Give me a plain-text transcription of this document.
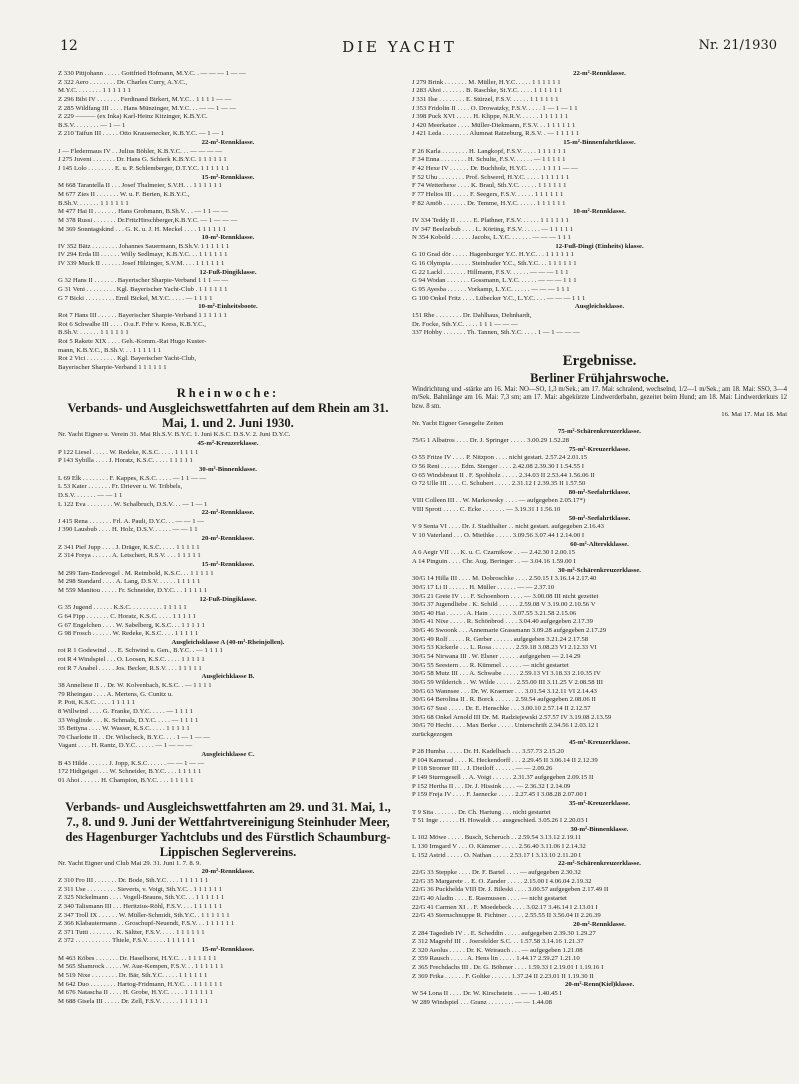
12	DIE YACHT	Nr. 21/1930
Z 330 Pittjohann . . . . . Gottfried Hofmann, M.Y.C. . — — — 1 — —
Z 322 Aero . . . . . . . . Dr. Charles Curry, A.Y.C.,
M.Y.C. . . . . . . . 1 1 1 1 1 1
Z 296 Bibi IV . . . . . . . Ferdinand Birkert, M.Y.C. . 1 1 1 1 — —
Z 285 Wildfang III . . . . Hans Münzinger, M.Y.C. . . — — 1 — —
Z 229 ——— (ex Inka) Karl-Heinz Kitzinger, K.B.Y.C.
B.S.V. . . . . . . . — 1 — 1
Z 210 Taifun III . . . . . Otto Krausenecker, K.B.Y.C. — 1 — 1
22-m²-Rennklasse.
J — Fledermaus IV . . Julius Böhler, K.B.Y.C. . . — — — —
J 275 Juveni . . . . . . . Dr. Hans G. Schierk K.B.Y.C. 1 1 1 1 1 1
J 145 Lolo . . . . . . . . E. u. P. Schlemberger, D.T.Y.C. 1 1 1 1 1 1
15-m²-Rennklasse.
M 668 Tarantella II . . . Josef Thalmeier, S.V.H. . . 1 1 1 1 1 1
M 677 Zies II . . . . . . . W. u. F. Berten, K.B.Y.C.,
B.Sh.V. . . . . . . 1 1 1 1 1 1
M 477 Hai II . . . . . . . Hans Grohmann, B.Sh.V. . . — 1 1 — —
M 378 Russi . . . . . . . Dr.FritzHirschberger,K.B.Y.C. — 1 — — —
M 369 Sonntagskind . . . G. K. u. J. H. Meckel . . . . 1 1 1 1 1 1
10-m²-Rennklasse.
IV 352 Bätz . . . . . . . . Johannes Sauermann, B.Sh.V. 1 1 1 1 1 1
IV 294 Erda III . . . . . . Willy Sedlmayr, K.B.Y.C. . . 1 1 1 1 1 1
IV 339 Muck II . . . . . . Josef Hilzinger, S.V.M. . . . 1 1 1 1 1 1
12-Fuß-Dingiklasse.
G 32 Hans II . . . . . . . Bayerischer Sharpie-Verband 1 1 1 — —
G 31 Veni . . . . . . . . . Kgl. Bayerischer Yacht-Club . 1 1 1 1 1 1
G 7 Bicki . . . . . . . . . Emil Bickel, M.Y.C. . . . . — 1 1 1 1
10-m²-Einheitsboote.
Rot 7 Hans III . . . . . . Bayerischer Sharpie-Verband 1 1 1 1 1 1
Rot 6 Schwalbe III . . . . O.u.F. Frhr v. Kress, K.B.Y.C.,
B.Sh.V. . . . . . . 1 1 1 1 1 1
Rot 5 Rakete XIX . . . . Geh.-Komm.-Rat Hugo Kuster-
mann, K.B.Y.C., B.Sh.V. . . 1 1 1 1 1 1
Rot 2 Vici . . . . . . . . . Kgl. Bayerischer Yacht-Club,
Bayerischer Sharpie-Verband 1 1 1 1 1 1
Rheinwoche:
Verbands- und Ausgleichswettfahrten auf dem Rhein am 31. Mai, 1. und 2. Juni 1930.
Nr. Yacht Eigner u. Verein 31. Mai Rh.S.V. B.Y.C. 1. Juni K.S.C. D.S.V. 2. Juni D.Y.C.
45-m²-Kreuzerklasse.
P 122 Liesel . . . . . W. Redeke, K.S.C. . . . . 1 1 1 1 1
P 143 Sybilla . . . . J. Horatz, K.S.C. . . . . 1 1 1 1 1
30-m²-Binnenklasse.
L 69 Elk . . . . . . . . F. Kappes, K.S.C. . . . . — 1 1 — —
L 53 Kater . . . . . . . Fr. Driever u. W. Tribbels,
D.S.V. . . . . . . — — 1 1
L 122 Eva . . . . . . . . W. Schalbruch, D.S.V. . . — 1 — 1
22-m²-Rennklasse.
J 415 Rena . . . . . . . Frl. A. Pauli, D.Y.C. . . — — 1 —
J 390 Lausbub . . . . H. Holz, D.S.V. . . . . . — — 1 1
20-m²-Rennklasse.
Z 341 Pief Jupp . . . . J. Dräger, K.S.C. . . . . 1 1 1 1 1
Z 314 Freya . . . . . . A. Letschert, R.S.V. . . . 1 1 1 1 1
15-m²-Rennklasse.
M 299 Tam-Endevogel . M. Reimbold, K.S.C. . . 1 1 1 1 1
M 298 Standard . . . . A. Lang, D.S.V. . . . . . 1 1 1 1 1
M 559 Manitou . . . . . Fr. Schneider, D.Y.C. . . 1 1 1 1 1
12-Fuß-Dingiklasse.
G 35 Jugend . . . . . . K.S.C. . . . . . . . . . 1 1 1 1 1
G 64 Fipp . . . . . . . C. Horatz, K.S.C. . . . . 1 1 1 1 1
G 67 Engelchen . . . . W. Sabelberg, K.S.C. . . 1 1 1 1 1
G 98 Frosch . . . . . . W. Redeke, K.S.C. . . . 1 1 1 1 1
Ausgleichsklasse A (40-m²-Rheinjollen).
rot R 1 Godewind . . . E. Schwind u. Gen., B.Y.C. . — 1 1 1 1
rot R 4 Windspiel . . . O. Loosen, K.S.C. . . . . 1 1 1 1 1
rot R 7 Anabel . . . . . Jos. Becker, R.S.V. . . . 1 1 1 1 1
Ausgleichklasse B.
38 Anneliese II . . Dr. W. Kolvenbach, K.S.C. . — 1 1 1 1
79 Rheingau . . . . A. Mertens, G. Cunitz u.
P. Pott, K.S.C. . . . . 1 1 1 1 1
8 Willwind . . . . G. Franke, D.Y.C. . . . . — 1 1 1 1
33 Woglinde . . . K. Schmalz, D.Y.C. . . . . — 1 1 1 1
35 Bettyna . . . . W. Wasser, K.S.C. . . . . 1 1 1 1 1
70 Charlotte II . . Dr. Wilscheck, B.Y.C. . . . 1 — 1 — —
Vagant . . . . H. Rantz, D.Y.C. . . . . . — 1 — — —
Ausgleichklasse C.
B 43 Hilde . . . . . . J. Jopp, K.S.C. . . . . . — — 1 — —
172 Hidigeigei . . . W. Schneider, B.Y.C. . . . 1 1 1 1 1
01 Ahoi . . . . . . H. Champion, B.Y.C. . . . 1 1 1 1 1
Verbands- und Ausgleichswettfahrten am 29. und 31. Mai, 1., 7., 8. und 9. Juni der Wettfahrtvereinigung Steinhuder Meer, des Hagenburger Yachtclubs und des Fürstlich Schaumburg-Lippischen Seglervereins.
Nr. Yacht Eigner und Club Mai 29. 31. Juni 1. 7. 8. 9.
20-m²-Rennklasse.
Z 310 Fro III . . . . . . . Dr. Bode, Sth.Y.C. . . . 1 1 1 1 1 1
Z 311 Use . . . . . . . . . Sieverts, v. Voigt, Sth.Y.C. . 1 1 1 1 1 1
Z 325 Nickelmann . . . . Vogell-Brauns, Sth.Y.C. . . 1 1 1 1 1 1
Z 340 Talismann III . . . Heritzius-Röhl, F.S.V. . . . 1 1 1 1 1 1
Z 347 Troll IX . . . . . . W. Müller-Schmidt, Sth.Y.C. . 1 1 1 1 1 1
Z 366 Klabautermann . . Groschupf-Neuendt, F.S.V. . . 1 1 1 1 1 1
Z 371 Tutti . . . . . . . . K. Sältter, F.S.V. . . . . 1 1 1 1 1 1
Z 372 . . . . . . . . . . . Thiele, F.S.V. . . . . . 1 1 1 1 1 1
15-m²-Rennklasse.
M 463 Köbes . . . . . . . Dr. Haselhorst, H.Y.C. . . 1 1 1 1 1 1
M 565 Shamrock . . . . . W. Aue-Kempen, F.S.V. . . 1 1 1 1 1 1
M 519 Nixe . . . . . . . . Dr. Bär, Sth.Y.C. . . . . 1 1 1 1 1 1
M 642 Duo . . . . . . . . Hartog-Fridmann, H.Y.C. . . 1 1 1 1 1 1
M 676 Natascha II . . . . H. Grobe, H.Y.C. . . . . 1 1 1 1 1 1
M 688 Gisela III . . . . . Dr. Zell, F.S.V. . . . . . 1 1 1 1 1 1
22-m²-Rennklasse.
J 279 Brink . . . . . . . M. Müller, H.Y.C. . . . . 1 1 1 1 1 1
J 283 Ahoi . . . . . . . B. Raschke, St.Y.C. . . . . 1 1 1 1 1 1
J 331 Ilse . . . . . . . . E. Stürzel, F.S.V. . . . . . 1 1 1 1 1 1
J 353 Fridolin II . . . . O. Drowatzky, F.S.V. . . . . 1 — 1 — 1 1
J 398 Puck XVI . . . . . H. Klippe, N.R.V. . . . . . 1 1 1 1 1 1
J 420 Meerkatze . . . . Müller-Diekmann, F.S.V. . . 1 1 1 1 1 1
J 421 Leda . . . . . . . . Alumnat Ratzeburg, R.S.V. . — 1 1 1 1 1
15-m²-Binnenfahrtklasse.
F 26 Karla . . . . . . . . H. Langkopf, F.S.V. . . . . 1 1 1 1 1 1
F 34 Enna . . . . . . . . H. Schulte, F.S.V. . . . . . — 1 1 1 1 1
F 42 Hexe IV . . . . . . Dr. Buchholz, H.Y.C. . . . . 1 1 1 1 — —
F 52 Uhu . . . . . . . . Prof. Schwerd, H.Y.C. . . . . 1 1 1 1 1 1
F 74 Wetterhexe . . . . K. Braul, Sth.Y.C. . . . . . 1 1 1 1 1 1
F 77 Helios III . . . . . F. Seegers, F.S.V. . . . . . 1 1 1 1 1 1
F 82 Amöb . . . . . . . Dr. Temme, H.Y.C. . . . . . 1 1 1 1 1 1
10-m²-Rennklasse.
IV 334 Teddy II . . . . . E. Plathner, F.S.V. . . . . . 1 1 1 1 1 1
IV 347 Beelzebub . . . . L. Körting, F.S.V. . . . . . — 1 1 1 1 1
N 354 Kobold . . . . . . Jacobs, L.Y.C. . . . . . . — — — 1 1 1
12-Fuß-Dingi (Einheits) klasse.
G 10 Grad dör . . . . . Hagenburger Y.C. H.Y.C. . . 1 1 1 1 1 1
G 16 Olympia . . . . . . Steinhuder Y.C., Sth.Y.C. . . 1 1 1 1 1 1
G 22 Lackl . . . . . . . Hillmann, F.S.V. . . . . . — — — 1 1 1
G 94 Wodan . . . . . . . Gossmann, L.Y.C. . . . . . — — — 1 1 1
G 95 Ayesba . . . . . . Vorkamp, L.Y.C. . . . . . — — — 1 1 1
G 100 Onkel Fritz . . . . Lübecker Y.C., L.Y.C. . . . — — — 1 1 1
Ausgleichsklasse.
151 Rhe . . . . . . . . Dr. Dahlhaus, Dehnhardt,
Dr. Focke, Sth.Y.C. . . . . 1 1 1 — — —
337 Hobby . . . . . . . Th. Tannen, Sth.Y.C. . . . . 1 — 1 — — —
Ergebnisse.
Berliner Frühjahrswoche.
Windrichtung und -stärke am 16. Mai: NO—SO, 1,3 m/Sek.; am 17. Mai: schralend, wechselnd, 1/2—1 m/Sek.; am 18. Mai: SSO, 3—4 m/Sek. Bahnlänge am 16. Mai: 7,3 sm; am 17. Mai: abgekürzte Lindwerderbahn, gezeitet beim Hund; am 18. Mai: Lindwerderkurs 12 bzw. 8 sm.
16. Mai 17. Mai 18. Mai
Nr. Yacht Eigner Gesegelte Zeiten
75-m²-Schärenkreuzerklasse.
75/G 1 Albatros . . . . Dr. J. Springer . . . . . 3.00.29 1.52.28
75-m²-Kreuzerklasse.
O 55 Fritze IV . . . . P. Nitzpon . . . . nicht gestart. 2.57.24 2.01.15
O 56 Reni . . . . . . Edm. Stenger . . . . 2.42.08 2.39.30 I 1.54.55 I
O 65 Windsbraut II . F. Spohholz . . . . . 2.34.03 II 2.53.44 1.56.06 II
O 72 Ulle III . . . . C. Schubert . . . . . 2.31.12 I 2.39.35 II 1.57.50
80-m²-Seefahrtklasse.
VIII Colleen III . . W. Markowsky . . . . — aufgegeben 2.05.17*)
VIII Sprott . . . . . C. Ecke . . . . . . . — 3.19.31 I 1.56.10
50-m²-Seefahrtklasse.
V 9 Senta VI . . . . Dr. J. Stadthalter . . nicht gestart. aufgegeben 2.16.43
V 10 Vaterland . . . O. Miethke . . . . . 3.09.56 3.07.44 I 2.14.00 I
60-m²-Alterskklasse.
A 6 Aegir VII . . . K. u. C. Czarnikow . . — 2.42.30 I 2.00.15
A 14 Pinguin . . . . Chr. Aug. Beringer . . — 3.04.16 1.59.00 I
30-m²-Schärenkreuzerklasse.
30/G 14 Hilla III . . . . M. Dobroschke . . . . 2.50.15 I 3.16.14 2.17.40
30/G 17 Li II . . . . . . H. Müller . . . . . . — — 2.37.10
30/G 21 Grete IV . . . F. Schoenborn . . . . — 3.00.08 III nicht gezeitet
30/G 37 Jugendliebe . K. Schild . . . . . . 2.59.08 V 3.19.00 2.10.56 V
30/G 40 Hai . . . . . . A. Hain . . . . . . . 3.07.55 3.21.58 2.15.06
30/G 41 Nixe . . . . . R. Schönbrod . . . . 3.04.40 aufgegeben 2.17.39
30/G 46 Swoonk . . . Annemarie Grassmann 3.09.28 aufgegeben 2.17.29
30/G 49 Rolf . . . . . R. Gerber . . . . . . aufgegeben 3.21.24 2.17.58
30/G 53 Kickerle . . . L. Rosa . . . . . . . 2.59.18 3.08.23 VI 2.12.33 VI
30/G 54 Nirwana III . W. Elsner . . . . . . aufgegeben — 2.14.29
30/G 55 Seestern . . . R. Kümmel . . . . . . — nicht gestartet
30/G 58 Mutz III . . . A. Schwabe . . . . . 2.59.13 VI 3.18.33 2.10.35 IV
30/G 59 Wilderich . . W. Wilde . . . . . . 2.55.00 III 3.11.25 V 2.08.58 III
30/G 63 Wannsee . . . Dr. W. Kraemer . . . 3.01.54 3.12.11 VI 2.14.43
30/G 64 Berolina II . R. Borck . . . . . . 2.59.54 aufgegeben 2.08.06 II
30/G 67 Susi . . . . . Dr. E. Henschke . . . 3.00.10 2.57.14 II 2.12.57
30/G 68 Onkel Arnold III Dr. M. Radziejewski 2.57.57 IV 3.19.08 2.13.59
30/G 70 Hecht . . . . Max Berke . . . . . Unterschrift 2.34.56 I 2.03.12 I
zurückgezogen
45-m²-Kreuzerklasse.
P 28 Humba . . . . . Dr. H. Kadelbach . . . 3.57.73 2.15.20
P 104 Kamerad . . . . K. Heckendorff . . . 2.29.45 II 3.06.14 II 2.12.39
P 118 Stromer III . . J. Dietloff . . . . . . — — 2.09.26
P 149 Sturmgesell . . A. Voigt . . . . . . 2.31.37 aufgegeben 2.09.15 II
P 152 Hertha II . . . Dr. J. Hissink . . . . — 2.36.32 I 2.14.09
P 159 Freja IV . . . . F. Jaenecke . . . . . 2.27.45 I 3.08.28 2.07.00 I
35-m²-Kreuzerklasse.
T 9 Sita . . . . . . . Dr. Ch. Hartung . . . nicht gestartet
T 51 Inge . . . . . . H. Howaldt . . . ausgeschied. 3.05.26 I 2.20.03 I
30-m²-Binnenklasse.
L 102 Möwe . . . . . Busch, Scheruch . . 2.59.54 3.13.12 2.19.11
L 130 Irmgard V . . . O. Kämmer . . . . . 2.56.40 3.11.06 I 2.14.32
L 152 Astrid . . . . . O. Nathan . . . . . 2.53.17 I 3.13.10 2.11.20 I
22-m²-Schärenkreuzerklasse.
22/G 33 Steppke . . . . Dr. F. Bartel . . . . — aufgegeben 2.30.32
22/G 35 Margarete . . E. O. Zander . . . . . 2.15.00 I 4.06.04 2.19.32
22/G 36 Puckhelda VIII Dr. J. Bileski . . . . 3.00.57 aufgegeben 2.17.49 II
22/G 40 Aladin . . . . E. Rasmussen . . . . — nicht gestartet
22/G 41 Carmen XI . . F. Moedebeck . . . . 3.02.17 3.46.14 I 2.13.01 I
22/G 43 Sternschnuppe R. Fichtner . . . . . 2.55.55 II 3.56.04 II 2.26.39
20-m²-Rennklasse.
Z 284 Tagedieb IV . . E. Scheddin . . . . . aufgegeben 2.39.30 1.29.27
Z 312 Magrehf III . . Joersfelder S.C. . . 1.57.58 3.14.16 1.21.37
Z 320 Aeolus . . . . . Dr. K. Weirauch . . . — aufgegeben 1.21.08
Z 359 Rausch . . . . . A. Hens lin . . . . . 1.44.17 2.59.27 1.21.10
Z 365 Frechdachs III . Dr. G. Böhmer . . . . 1.59.33 I 2.19.01 I 1.19.16 I
Z 369 Frika . . . . . . F. Goltke . . . . . . 1.37.24 II 2.23.01 II 1.19.30 II
20-m²-Renn(Kiel)klasse.
W 54 Lona II . . . . Dr. W. Kirschstein . . — — 1.40.45 I
W 289 Windspiel . . . Granz . . . . . . . . — — 1.44.08
